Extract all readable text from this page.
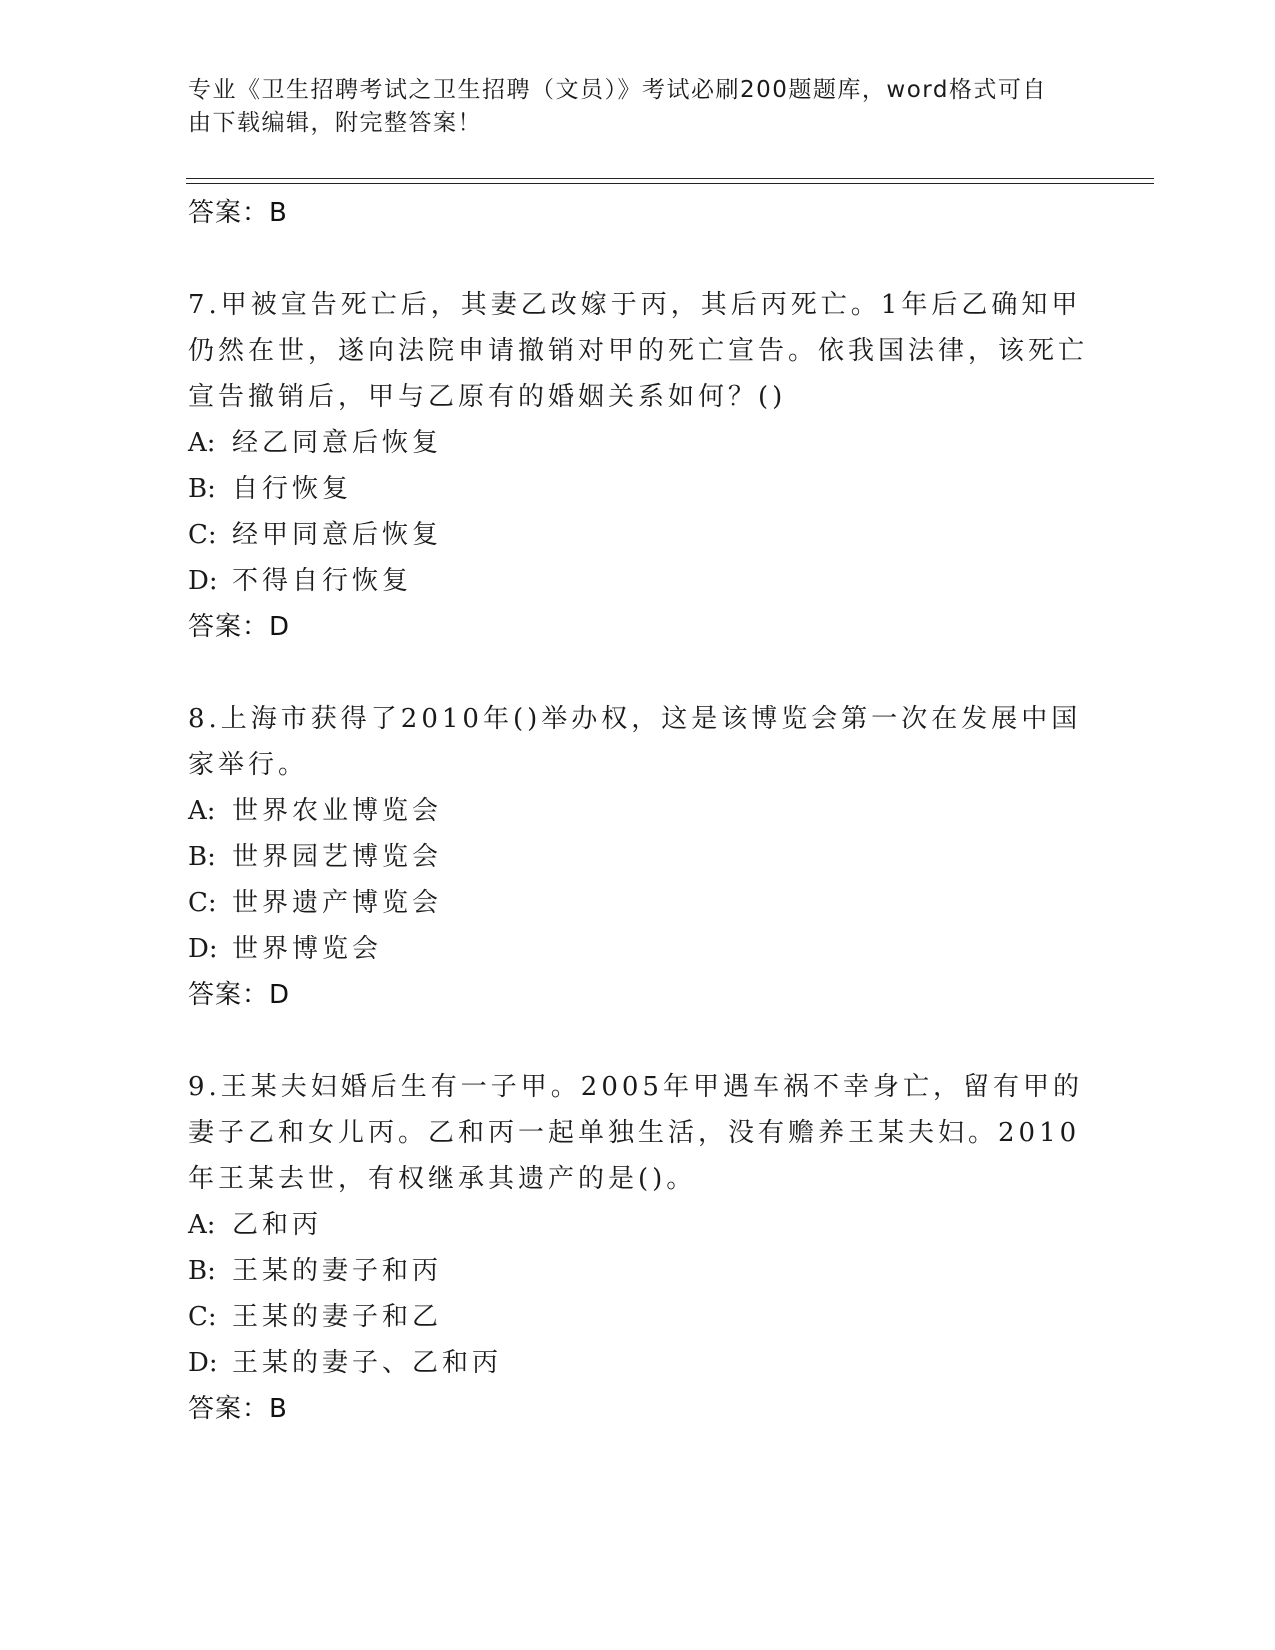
专业《卫生招聘考试之卫生招聘（文员）》考试必刷200题题库，word格式可自由下载编辑，附完整答案！
答案：B
7.甲被宣告死亡后，其妻乙改嫁于丙，其后丙死亡。1年后乙确知甲仍然在世，遂向法院申请撤销对甲的死亡宣告。依我国法律，该死亡宣告撤销后，甲与乙原有的婚姻关系如何？()
A: 经乙同意后恢复
B: 自行恢复
C: 经甲同意后恢复
D: 不得自行恢复
答案：D
8.上海市获得了2010年()举办权，这是该博览会第一次在发展中国家举行。
A: 世界农业博览会
B: 世界园艺博览会
C: 世界遗产博览会
D: 世界博览会
答案：D
9.王某夫妇婚后生有一子甲。2005年甲遇车祸不幸身亡，留有甲的妻子乙和女儿丙。乙和丙一起单独生活，没有赡养王某夫妇。2010年王某去世，有权继承其遗产的是()。
A: 乙和丙
B: 王某的妻子和丙
C: 王某的妻子和乙
D: 王某的妻子、乙和丙
答案：B
